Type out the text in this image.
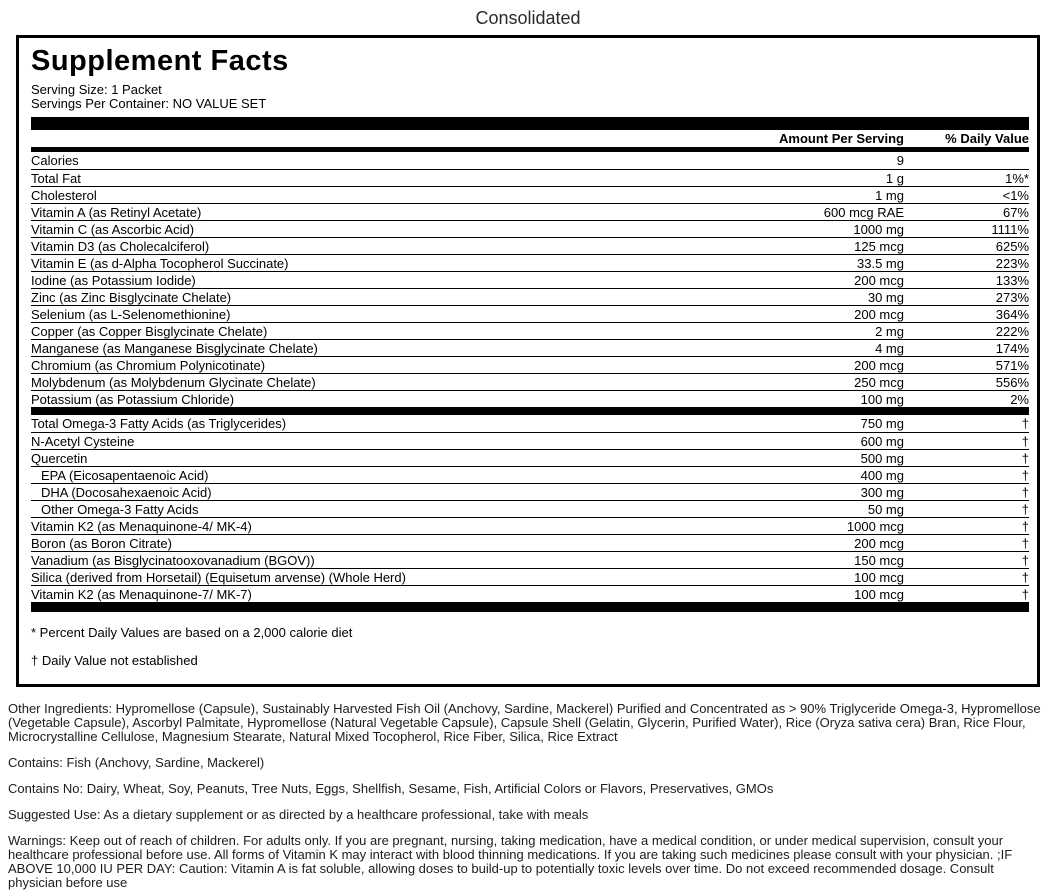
Consolidated
Supplement Facts
Serving Size: 1 Packet
Servings Per Container: NO VALUE SET
Amount Per Serving	% Daily Value
Calories	9
Total Fat	1 g	1%*
Cholesterol	1 mg	<1%
Vitamin A (as Retinyl Acetate)	600 mcg RAE	67%
Vitamin C (as Ascorbic Acid)	1000 mg	1111%
Vitamin D3 (as Cholecalciferol)	125 mcg	625%
Vitamin E (as d-Alpha Tocopherol Succinate)	33.5 mg	223%
Iodine (as Potassium Iodide)	200 mcg	133%
Zinc (as Zinc Bisglycinate Chelate)	30 mg	273%
Selenium (as L-Selenomethionine)	200 mcg	364%
Copper (as Copper Bisglycinate Chelate)	2 mg	222%
Manganese (as Manganese Bisglycinate Chelate)	4 mg	174%
Chromium (as Chromium Polynicotinate)	200 mcg	571%
Molybdenum (as Molybdenum Glycinate Chelate)	250 mcg	556%
Potassium (as Potassium Chloride)	100 mg	2%
Total Omega-3 Fatty Acids (as Triglycerides)	750 mg	†
N-Acetyl Cysteine	600 mg	†
Quercetin	500 mg	†
EPA (Eicosapentaenoic Acid)	400 mg	†
DHA (Docosahexaenoic Acid)	300 mg	†
Other Omega-3 Fatty Acids	50 mg	†
Vitamin K2 (as Menaquinone-4/ MK-4)	1000 mcg	†
Boron (as Boron Citrate)	200 mcg	†
Vanadium (as Bisglycinatooxovanadium (BGOV))	150 mcg	†
Silica (derived from Horsetail) (Equisetum arvense) (Whole Herd)	100 mcg	†
Vitamin K2 (as Menaquinone-7/ MK-7)	100 mcg	†
* Percent Daily Values are based on a 2,000 calorie diet
† Daily Value not established

Other Ingredients: Hypromellose (Capsule), Sustainably Harvested Fish Oil (Anchovy, Sardine, Mackerel) Purified and Concentrated as > 90% Triglyceride Omega-3, Hypromellose (Vegetable Capsule), Ascorbyl Palmitate, Hypromellose (Natural Vegetable Capsule), Capsule Shell (Gelatin, Glycerin, Purified Water), Rice (Oryza sativa cera) Bran, Rice Flour, Microcrystalline Cellulose, Magnesium Stearate, Natural Mixed Tocopherol, Rice Fiber, Silica, Rice Extract

Contains: Fish (Anchovy, Sardine, Mackerel)

Contains No: Dairy, Wheat, Soy, Peanuts, Tree Nuts, Eggs, Shellfish, Sesame, Fish, Artificial Colors or Flavors, Preservatives, GMOs

Suggested Use: As a dietary supplement or as directed by a healthcare professional, take with meals

Warnings: Keep out of reach of children. For adults only. If you are pregnant, nursing, taking medication, have a medical condition, or under medical supervision, consult your healthcare professional before use. All forms of Vitamin K may interact with blood thinning medications. If you are taking such medicines please consult with your physician. ;IF ABOVE 10,000 IU PER DAY: Caution: Vitamin A is fat soluble, allowing doses to build-up to potentially toxic levels over time. Do not exceed recommended dosage. Consult physician before use
